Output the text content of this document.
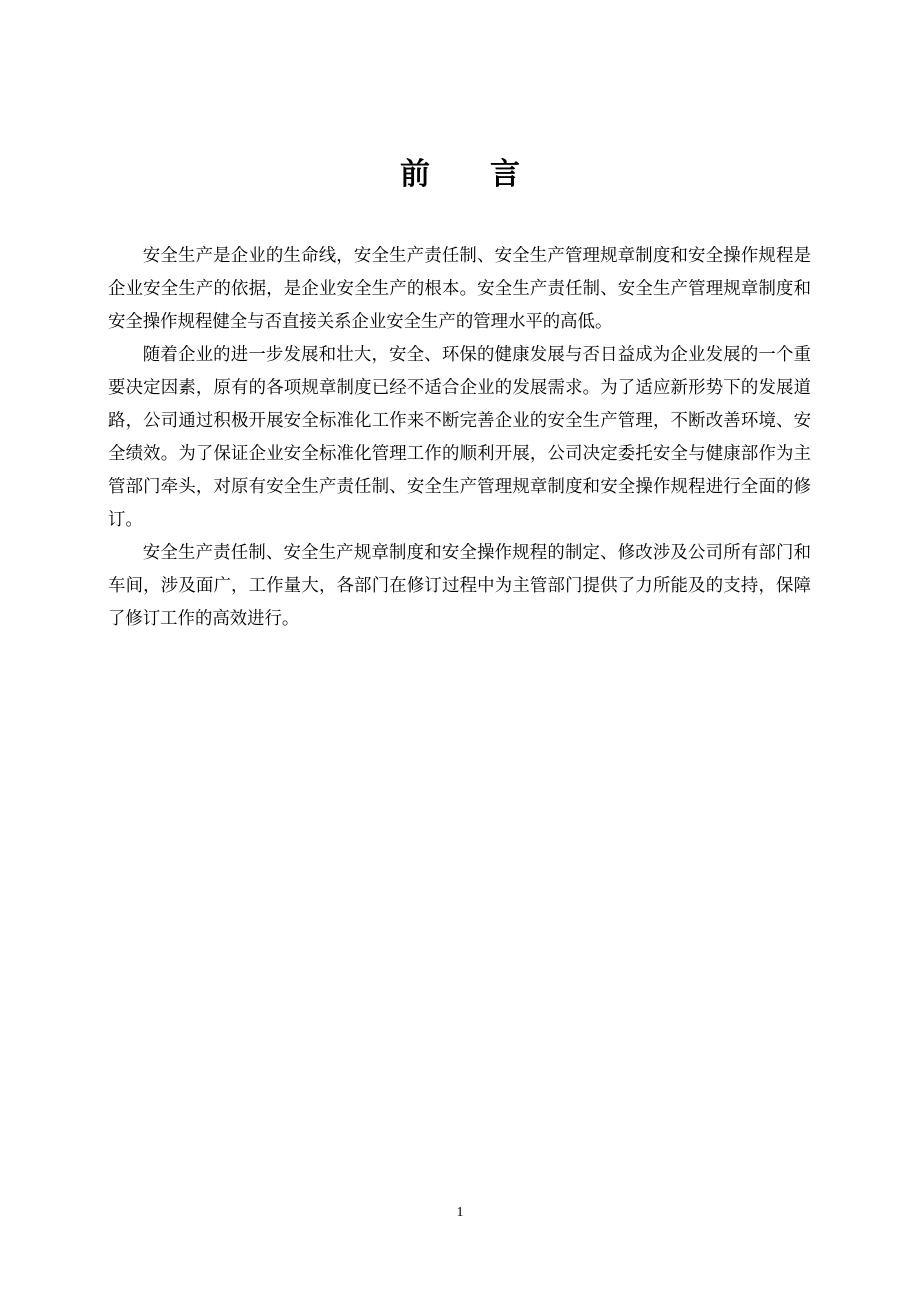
前言

安全生产是企业的生命线，安全生产责任制、安全生产管理规章制度和安全操作规程是企业安全生产的依据，是企业安全生产的根本。安全生产责任制、安全生产管理规章制度和安全操作规程健全与否直接关系企业安全生产的管理水平的高低。

随着企业的进一步发展和壮大，安全、环保的健康发展与否日益成为企业发展的一个重要决定因素，原有的各项规章制度已经不适合企业的发展需求。为了适应新形势下的发展道路，公司通过积极开展安全标准化工作来不断完善企业的安全生产管理，不断改善环境、安全绩效。为了保证企业安全标准化管理工作的顺利开展，公司决定委托安全与健康部作为主管部门牵头，对原有安全生产责任制、安全生产管理规章制度和安全操作规程进行全面的修订。

安全生产责任制、安全生产规章制度和安全操作规程的制定、修改涉及公司所有部门和车间，涉及面广，工作量大，各部门在修订过程中为主管部门提供了力所能及的支持，保障了修订工作的高效进行。

1
